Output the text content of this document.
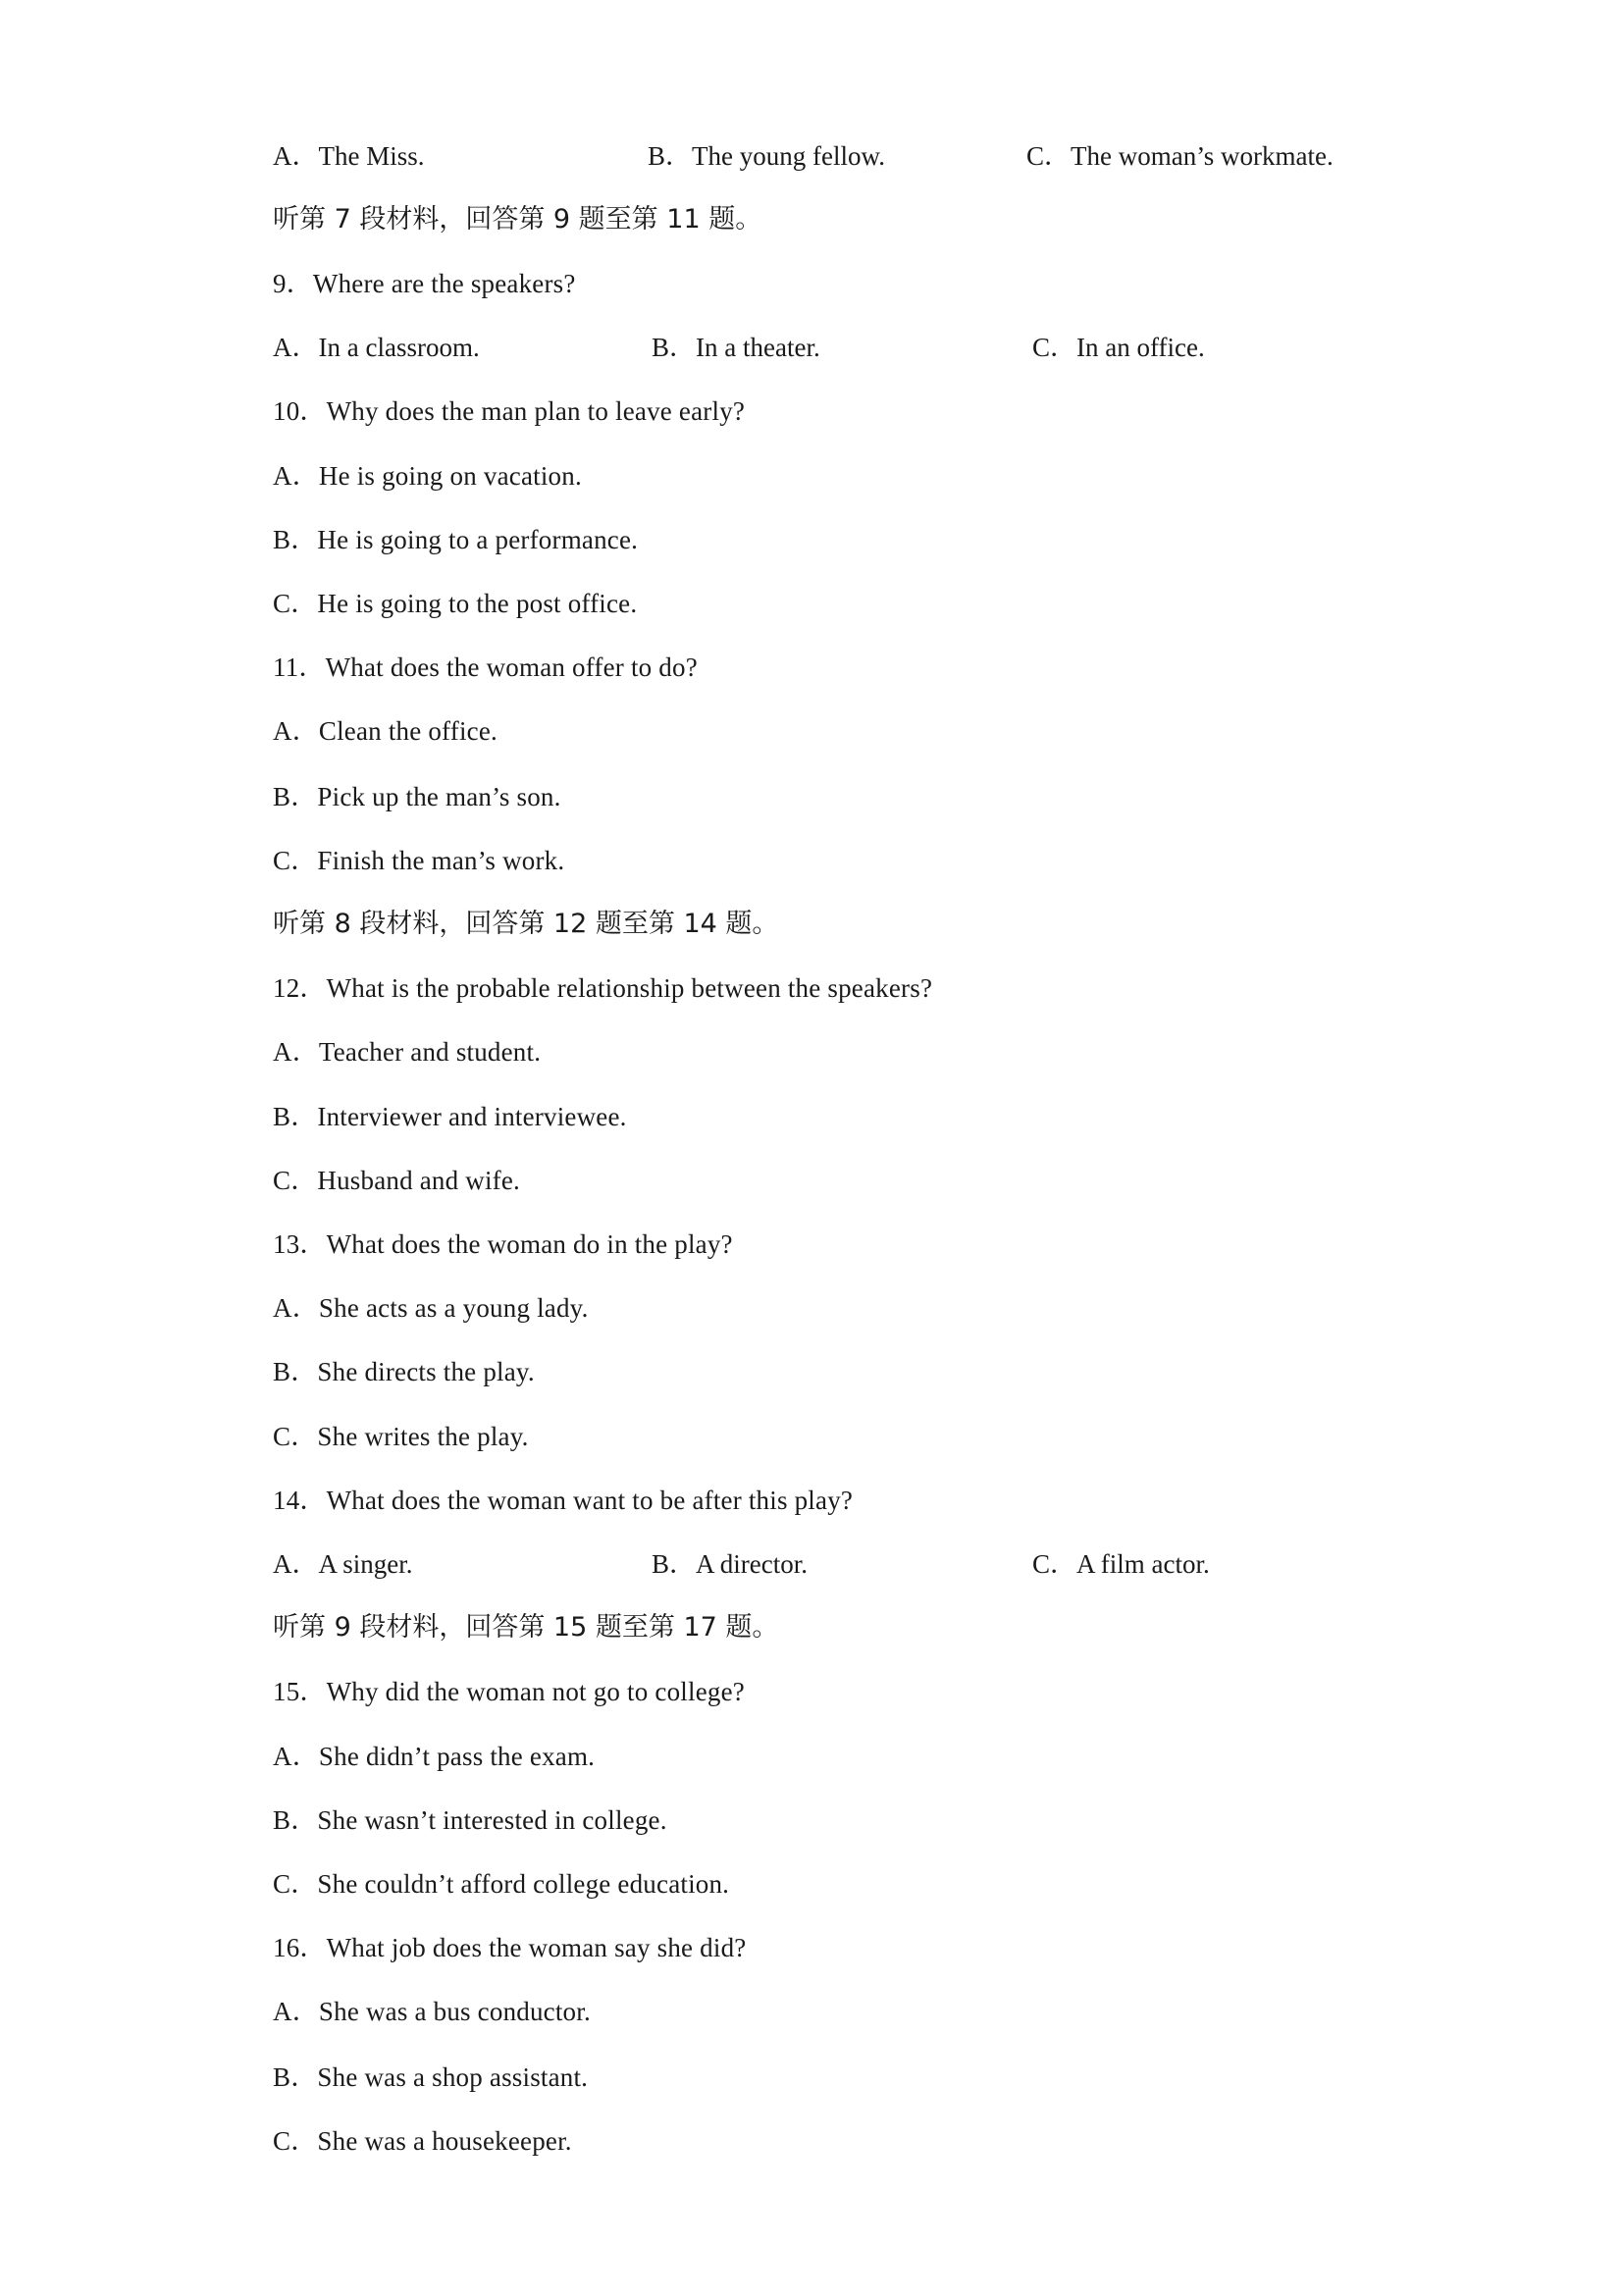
A．The Miss.	B．The young fellow.	C．The woman’s workmate.
听第 7 段材料，回答第 9 题至第 11 题。
9．Where are the speakers?
A．In a classroom.	B．In a theater.	C．In an office.
10．Why does the man plan to leave early?
A．He is going on vacation.
B．He is going to a performance.
C．He is going to the post office.
11．What does the woman offer to do?
A．Clean the office.
B．Pick up the man’s son.
C．Finish the man’s work.
听第 8 段材料，回答第 12 题至第 14 题。
12．What is the probable relationship between the speakers?
A．Teacher and student.
B．Interviewer and interviewee.
C．Husband and wife.
13．What does the woman do in the play?
A．She acts as a young lady.
B．She directs the play.
C．She writes the play.
14．What does the woman want to be after this play?
A．A singer.	B．A director.	C．A film actor.
听第 9 段材料，回答第 15 题至第 17 题。
15．Why did the woman not go to college?
A．She didn’t pass the exam.
B．She wasn’t interested in college.
C．She couldn’t afford college education.
16．What job does the woman say she did?
A．She was a bus conductor.
B．She was a shop assistant.
C．She was a housekeeper.
